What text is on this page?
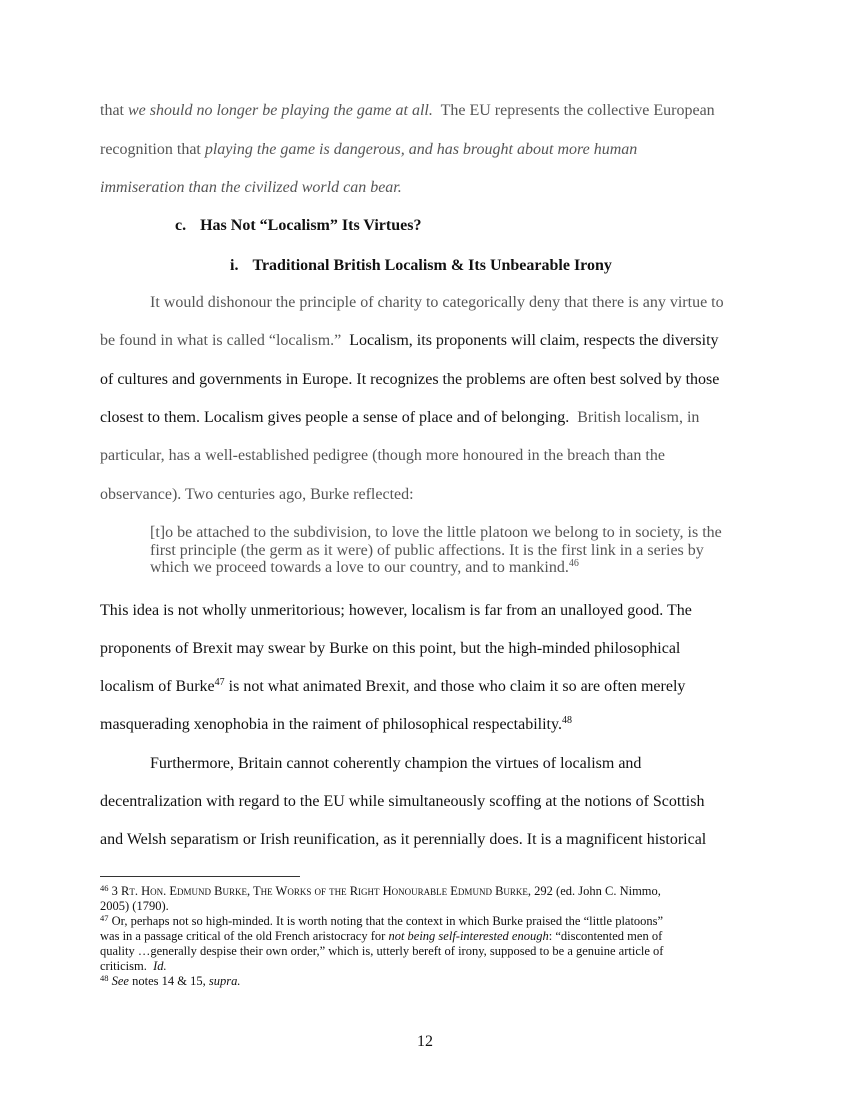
that we should no longer be playing the game at all.  The EU represents the collective European
recognition that playing the game is dangerous, and has brought about more human
immiseration than the civilized world can bear.
c. Has Not “Localism” Its Virtues?
i. Traditional British Localism & Its Unbearable Irony
It would dishonour the principle of charity to categorically deny that there is any virtue to
be found in what is called “localism.”  Localism, its proponents will claim, respects the diversity
of cultures and governments in Europe. It recognizes the problems are often best solved by those
closest to them. Localism gives people a sense of place and of belonging.  British localism, in
particular, has a well-established pedigree (though more honoured in the breach than the
observance). Two centuries ago, Burke reflected:

[t]o be attached to the subdivision, to love the little platoon we belong to in society, is the

first principle (the germ as it were) of public affections. It is the first link in a series by

which we proceed towards a love to our country, and to mankind.$^{46}$

This idea is not wholly unmeritorious; however, localism is far from an unalloyed good. The
proponents of Brexit may swear by Burke on this point, but the high-minded philosophical
localism of Burke$^{47}$ is not what animated Brexit, and those who claim it so are often merely
masquerading xenophobia in the raiment of philosophical respectability.$^{48}$
Furthermore, Britain cannot coherently champion the virtues of localism and
decentralization with regard to the EU while simultaneously scoffing at the notions of Scottish
and Welsh separatism or Irish reunification, as it perennially does. It is a magnificent historical
$^{46}$ 3 Rt. Hon. Edmund Burke, The Works of the Right Honourable Edmund Burke, 292 (ed. John C. Nimmo,
2005) (1790).
$^{47}$ Or, perhaps not so high-minded. It is worth noting that the context in which Burke praised the “little platoons”
was in a passage critical of the old French aristocracy for not being self-interested enough: “discontented men of
quality …generally despise their own order,” which is, utterly bereft of irony, supposed to be a genuine article of
criticism.  Id.
$^{48}$ See notes 14 & 15, supra.
12
